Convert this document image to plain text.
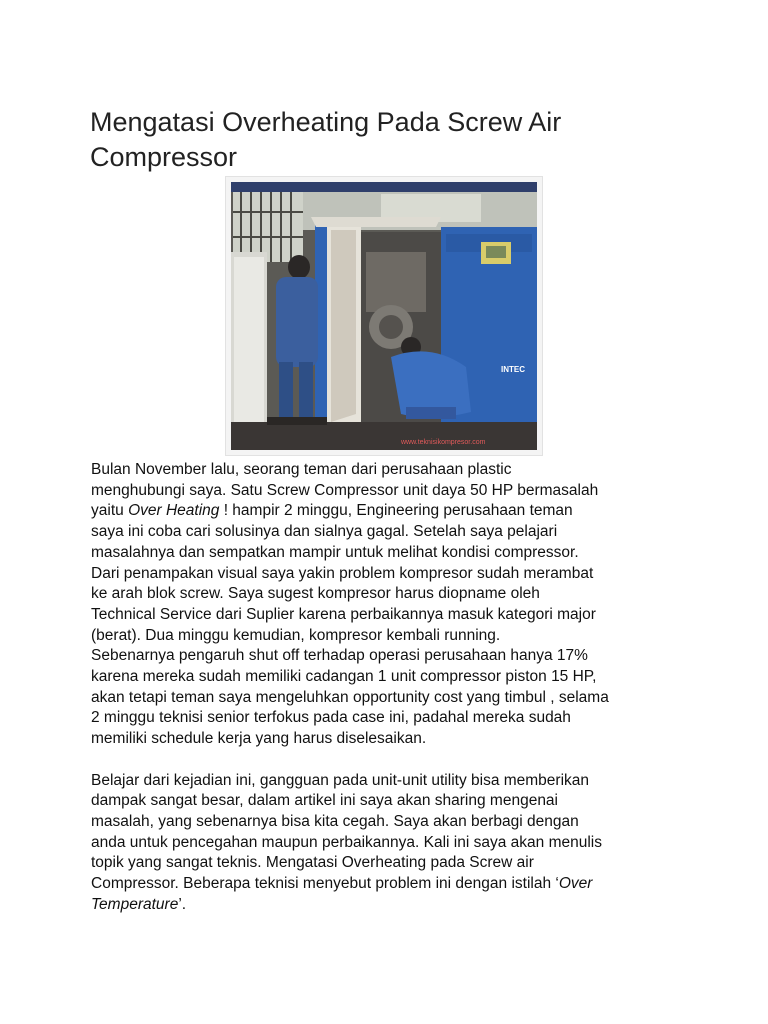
Mengatasi Overheating Pada Screw Air
Compressor
INTEC
www.teknisikompresor.com

Bulan November lalu, seorang teman dari perusahaan plastic
menghubungi saya. Satu Screw Compressor unit daya 50 HP bermasalah
yaitu Over Heating ! hampir 2 minggu, Engineering perusahaan teman
saya ini coba cari solusinya dan sialnya gagal. Setelah saya pelajari
masalahnya dan sempatkan mampir untuk melihat kondisi compressor.
Dari penampakan visual saya yakin problem kompresor sudah merambat
ke arah blok screw. Saya sugest kompresor harus diopname oleh
Technical Service dari Suplier karena perbaikannya masuk kategori major
(berat). Dua minggu kemudian, kompresor kembali running.
Sebenarnya pengaruh shut off terhadap operasi perusahaan hanya 17%
karena mereka sudah memiliki cadangan 1 unit compressor piston 15 HP,
akan tetapi teman saya mengeluhkan opportunity cost yang timbul , selama
2 minggu teknisi senior terfokus pada case ini, padahal mereka sudah
memiliki schedule kerja yang harus diselesaikan.

Belajar dari kejadian ini, gangguan pada unit-unit utility bisa memberikan
dampak sangat besar, dalam artikel ini saya akan sharing mengenai
masalah, yang sebenarnya bisa kita cegah. Saya akan berbagi dengan
anda untuk pencegahan maupun perbaikannya. Kali ini saya akan menulis
topik yang sangat teknis. Mengatasi Overheating pada Screw air
Compressor. Beberapa teknisi menyebut problem ini dengan istilah ‘Over
Temperature’.
